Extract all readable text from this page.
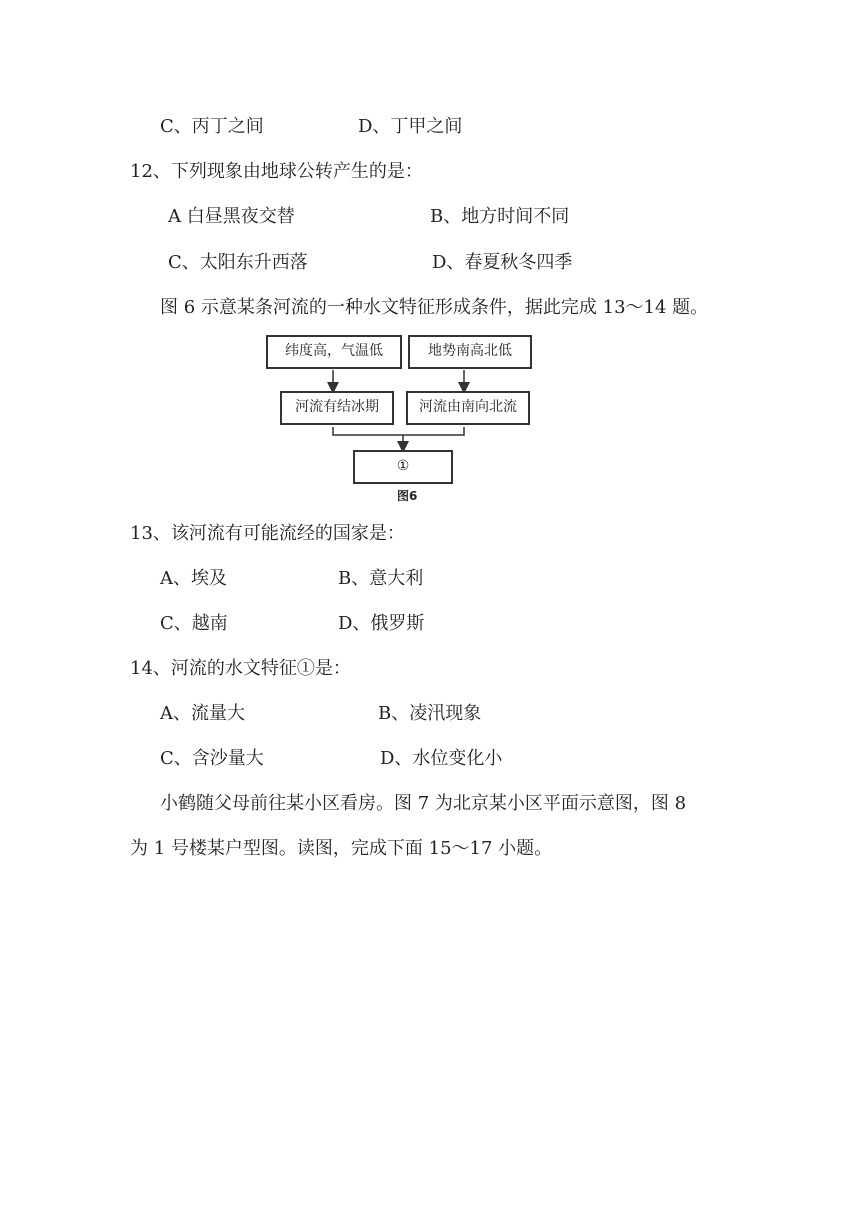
C、丙丁之间	D、丁甲之间
12、下列现象由地球公转产生的是：
A 白昼黑夜交替	B、地方时间不同
C、太阳东升西落	D、春夏秋冬四季
图 6 示意某条河流的一种水文特征形成条件，据此完成 13～14 题。
纬度高，气温低	地势南高北低
河流有结冰期	河流由南向北流
①
图6
13、该河流有可能流经的国家是：
A、埃及	B、意大利
C、越南	D、俄罗斯
14、河流的水文特征①是：
A、流量大	B、凌汛现象
C、含沙量大	D、水位变化小
小鹤随父母前往某小区看房。图 7 为北京某小区平面示意图，图 8
为 1 号楼某户型图。读图，完成下面 15～17 小题。
